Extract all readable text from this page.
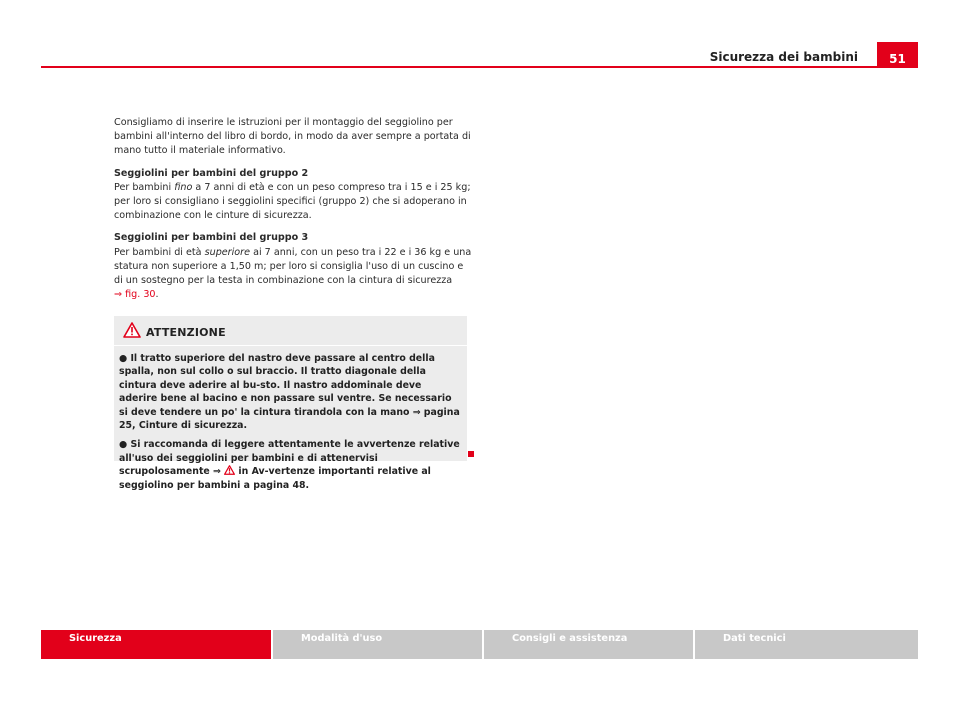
Sicurezza dei bambini	51

Consigliamo di inserire le istruzioni per il montaggio del seggiolino per bambini all'interno del libro di bordo, in modo da aver sempre a portata di mano tutto il materiale informativo.

Seggiolini per bambini del gruppo 2

Per bambini fino a 7 anni di età e con un peso compreso tra i 15 e i 25 kg; per loro si consigliano i seggiolini specifici (gruppo 2) che si adoperano in combinazione con le cinture di sicurezza.

Seggiolini per bambini del gruppo 3

Per bambini di età superiore ai 7 anni, con un peso tra i 22 e i 36 kg e una statura non superiore a 1,50 m; per loro si consiglia l'uso di un cuscino e di un sostegno per la testa in combinazione con la cintura di sicurezza
⇒ fig. 30.

ATTENZIONE

● Il tratto superiore del nastro deve passare al centro della spalla, non sul collo o sul braccio. Il tratto diagonale della cintura deve aderire al bu-sto. Il nastro addominale deve aderire bene al bacino e non passare sul ventre. Se necessario si deve tendere un po' la cintura tirandola con la mano ⇒ pagina 25, Cinture di sicurezza.

● Si raccomanda di leggere attentamente le avvertenze relative all'uso dei seggiolini per bambini e di attenervisi scrupolosamente ⇒  in Av-vertenze importanti relative al seggiolino per bambini a pagina 48.

Sicurezza	Modalità d'uso	Consigli e assistenza	Dati tecnici
